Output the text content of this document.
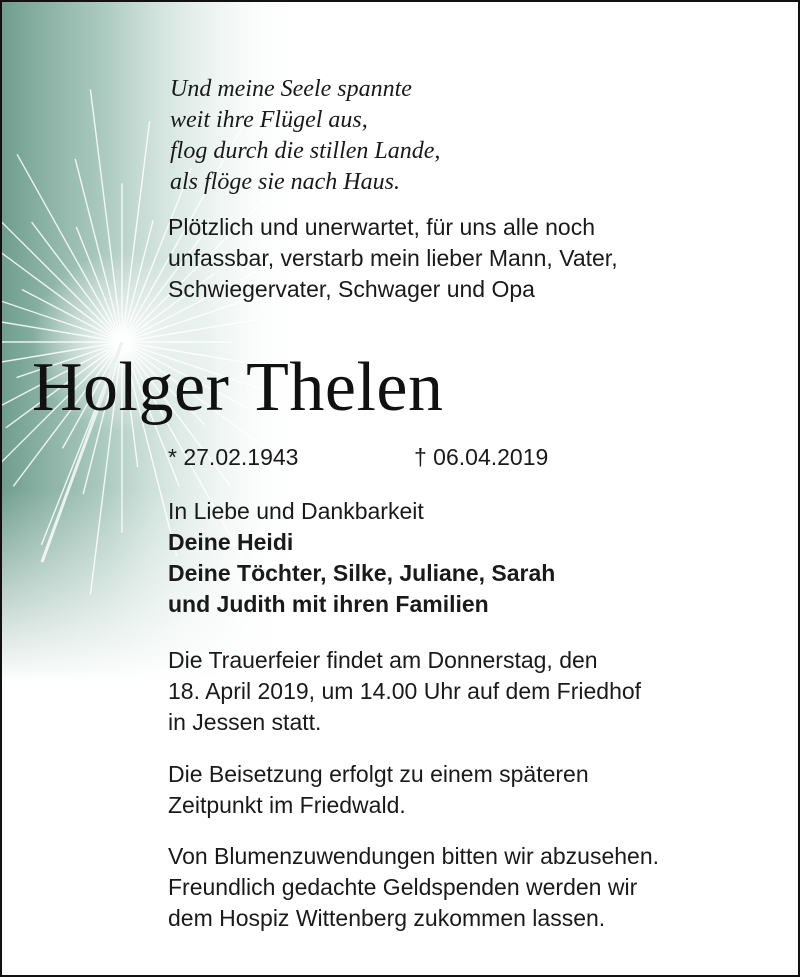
Und meine Seele spannte
weit ihre Flügel aus,
flog durch die stillen Lande,
als flöge sie nach Haus.
Plötzlich und unerwartet, für uns alle noch
unfassbar, verstarb mein lieber Mann, Vater,
Schwiegervater, Schwager und Opa
Holger Thelen
* 27.02.1943	† 06.04.2019
In Liebe und Dankbarkeit
Deine Heidi
Deine Töchter, Silke, Juliane, Sarah
und Judith mit ihren Familien
Die Trauerfeier findet am Donnerstag, den
18. April 2019, um 14.00 Uhr auf dem Friedhof
in Jessen statt.
Die Beisetzung erfolgt zu einem späteren
Zeitpunkt im Friedwald.
Von Blumenzuwendungen bitten wir abzusehen.
Freundlich gedachte Geldspenden werden wir
dem Hospiz Wittenberg zukommen lassen.
